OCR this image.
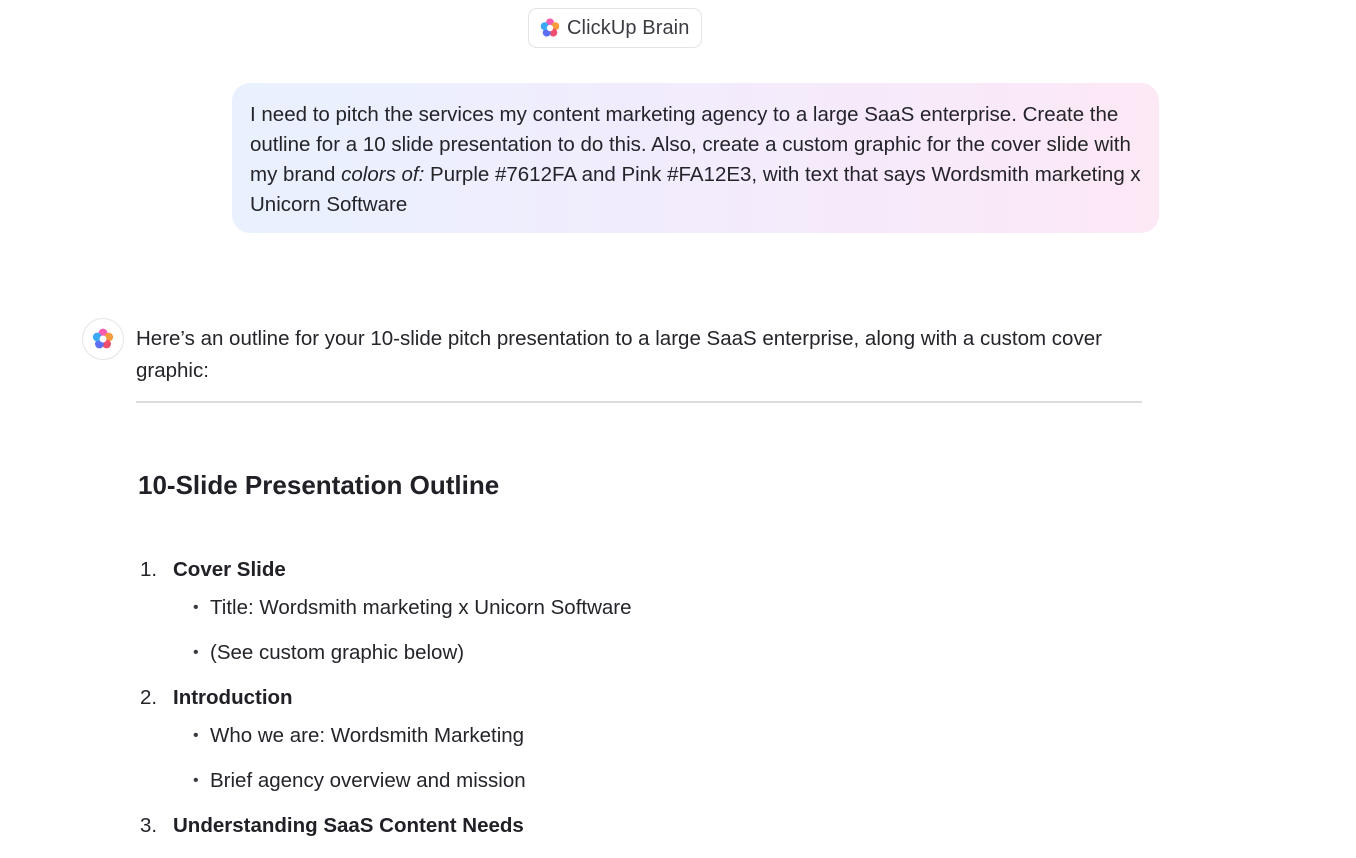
ClickUp Brain
I need to pitch the services my content marketing agency to a large SaaS enterprise. Create the outline for a 10 slide presentation to do this. Also, create a custom graphic for the cover slide with my brand colors of: Purple #7612FA and Pink #FA12E3, with text that says Wordsmith marketing x Unicorn Software
Here’s an outline for your 10-slide pitch presentation to a large SaaS enterprise, along with a custom cover graphic:
10-Slide Presentation Outline
1. Cover Slide
• Title: Wordsmith marketing x Unicorn Software
• (See custom graphic below)
2. Introduction
• Who we are: Wordsmith Marketing
• Brief agency overview and mission
3. Understanding SaaS Content Needs
